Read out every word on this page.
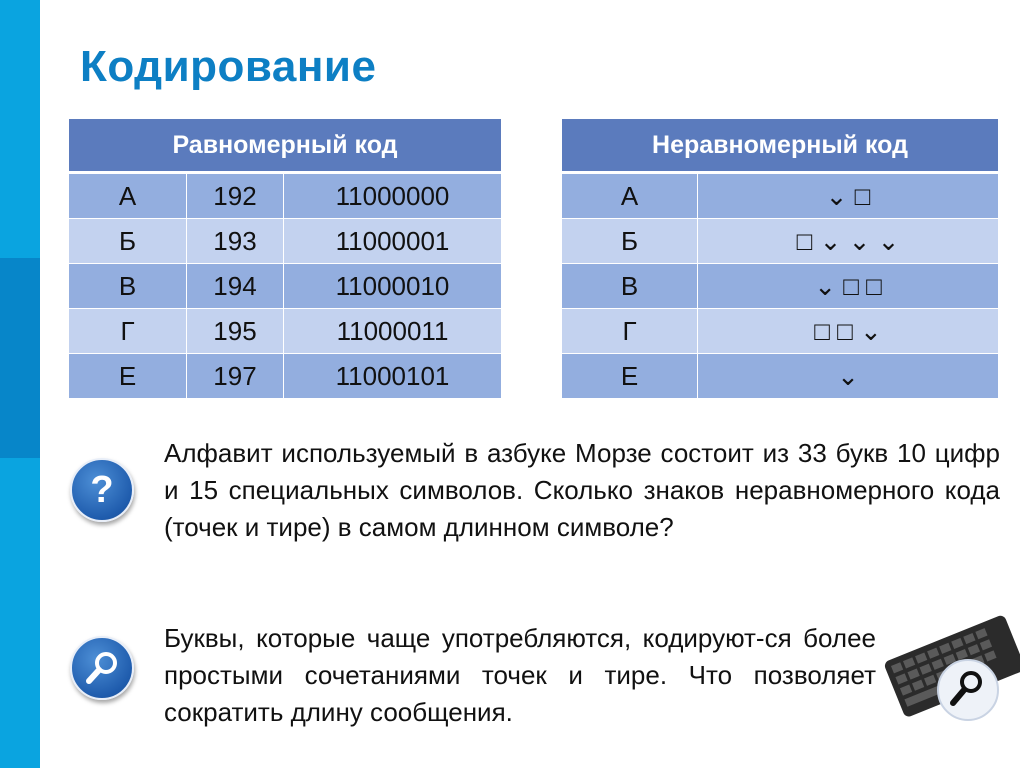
Кодирование
Равномерный код		
А	192	11000000
Б	193	11000001
В	194	11000010
Г	195	11000011
Е	197	11000101
Неравномерный код	
А	⌄ □
Б	□ ⌄ ⌄ ⌄
В	⌄ □ □
Г	□ □ ⌄
Е	⌄
?

Алфавит используемый в азбуке Морзе состоит из 33 букв 10 цифр и 15 специальных символов. Сколько знаков неравномерного кода (точек и тире) в самом длинном символе?

Буквы, которые чаще употребляются, кодируют-ся более простыми сочетаниями точек и тире. Что позволяет сократить длину сообщения.
